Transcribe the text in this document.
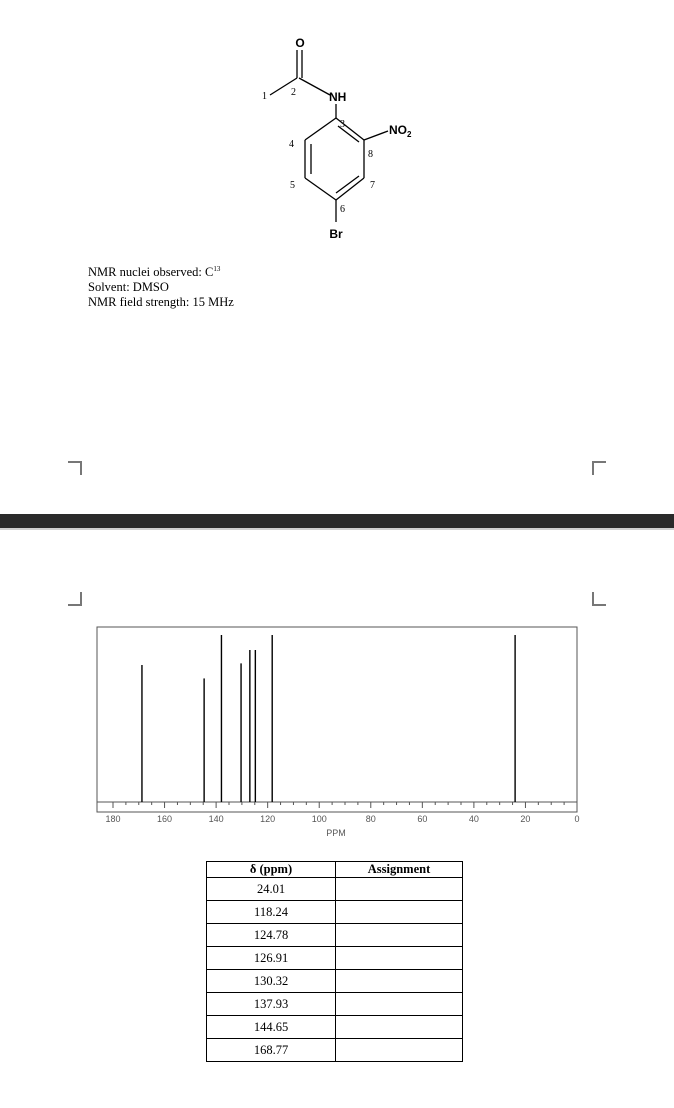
O
NH
$NO_2$
Br
1 2
3
4
5
6
7
8
NMR nuclei observed: $C^{13}$
Solvent: DMSO
NMR field strength: 15 MHz
180	160	140	120	100	80	60	40	20	0
PPM
δ (ppm)	Assignment
24.01	
118.24	
124.78	
126.91	
130.32	
137.93	
144.65	
168.77	
